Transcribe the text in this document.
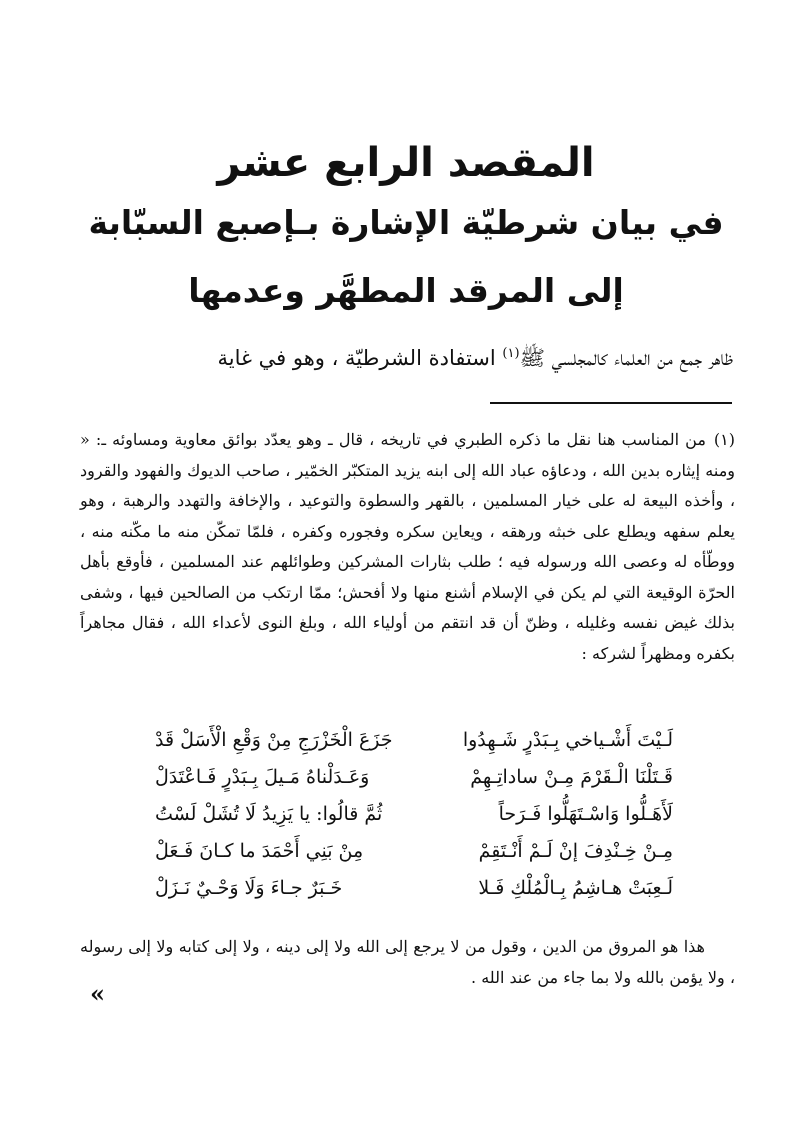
المقصد الرابع عشر
في بيان شرطيّة الإشارة بـإصبع السبّابة
إلى المرقد المطهَّر وعدمها
ظاهر جمع من العلماء كالمجلسي ﷺ$^{(١)}$ استفادة الشرطيّة ، وهو في غاية
(١)من المناسب هنا نقل ما ذكره الطبري في تاريخه ، قال ـ وهو يعدّد بوائق معاوية ومساوئه ـ: « ومنه إيثاره بدين الله ، ودعاؤه عباد الله إلى ابنه يزيد المتكبّر الخمّير ، صاحب الديوك والفهود والقرود ، وأخذه البيعة له على خيار المسلمين ، بالقهر والسطوة والتوعيد ، والإخافة والتهدد والرهبة ، وهو يعلم سفهه ويطلع على خبثه ورهقه ، ويعاين سكره وفجوره وكفره ، فلمّا تمكّن منه ما مكّنه منه ، ووطّأه له وعصى الله ورسوله فيه ؛ طلب بثارات المشركين وطوائلهم عند المسلمين ، فأوقع بأهل الحرّة الوقيعة التي لم يكن في الإسلام أشنع منها ولا أفحش؛ ممّا ارتكب من الصالحين فيها ، وشفى بذلك غيض نفسه وغليله ، وظنّ أن قد انتقم من أولياء الله ، وبلغ النوى لأعداء الله ، فقال مجاهراً بكفره ومظهراً لشركه :
لَـيْتَ أَشْـياخي بِـبَدْرٍ شَـهِدُوا
جَزَعَ الْخَزْرَجِ مِنْ وَقْعِ الْأَسَلْ قَدْ
قَـتَلْنَا الْـقَرْمَ مِـنْ ساداتِـهِمْ
وَعَـدَلْناهُ مَـيلَ بِـبَدْرٍ فَـاعْتَدَلْ
لَأَهَـلُّوا وَاسْـتَهَلُّوا فَـرَحاً
ثُمَّ قالُوا: يا يَزِيدُ لَا تُشَلْ لَسْتُ
مِـنْ خِـنْدِفَ إنْ لَـمْ أَنْـتَقِمْ
مِنْ بَنِي أَحْمَدَ ما كـانَ فَـعَلْ
لَـعِبَتْ هـاشِمُ بِـالْمُلْكِ فَـلا
خَـبَرٌ جـاءَ وَلَا وَحْـيٌ نَـزَلْ
هذا هو المروق من الدين ، وقول من لا يرجع إلى الله ولا إلى دينه ، ولا إلى كتابه ولا إلى رسوله ، ولا يؤمن بالله ولا بما جاء من عند الله .
»
